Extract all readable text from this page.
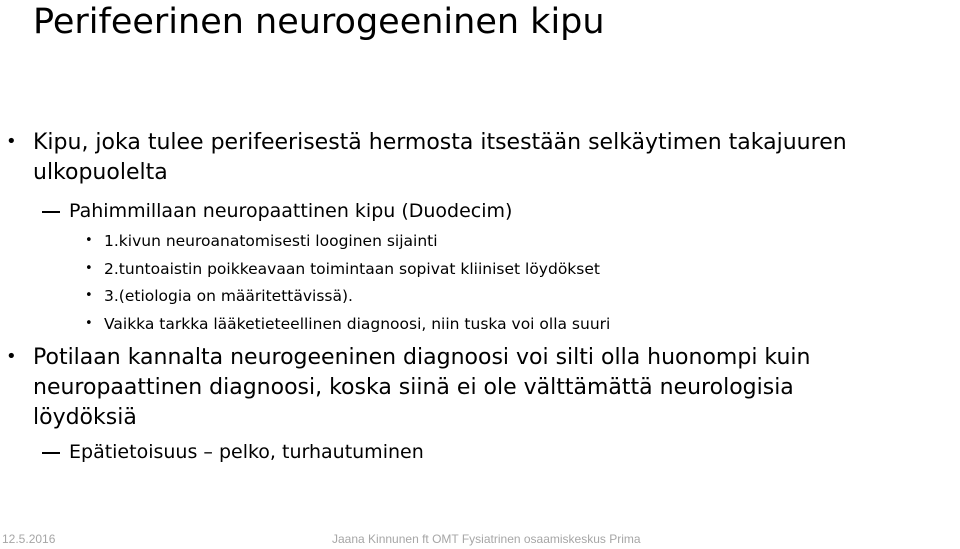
Perifeerinen neurogeeninen kipu
• Kipu, joka tulee perifeerisestä hermosta itsestään selkäytimen takajuuren
ulkopuolelta
Pahimmillaan neuropaattinen kipu (Duodecim)
• 1.kivun neuroanatomisesti looginen sijainti
• 2.tuntoaistin poikkeavaan toimintaan sopivat kliiniset löydökset
• 3.(etiologia on määritettävissä).
• Vaikka tarkka lääketieteellinen diagnoosi, niin tuska voi olla suuri
• Potilaan kannalta neurogeeninen diagnoosi voi silti olla huonompi kuin
neuropaattinen diagnoosi, koska siinä ei ole välttämättä neurologisia
löydöksiä
Epätietoisuus – pelko, turhautuminen
12.5.2016	Jaana Kinnunen ft OMT Fysiatrinen osaamiskeskus Prima
